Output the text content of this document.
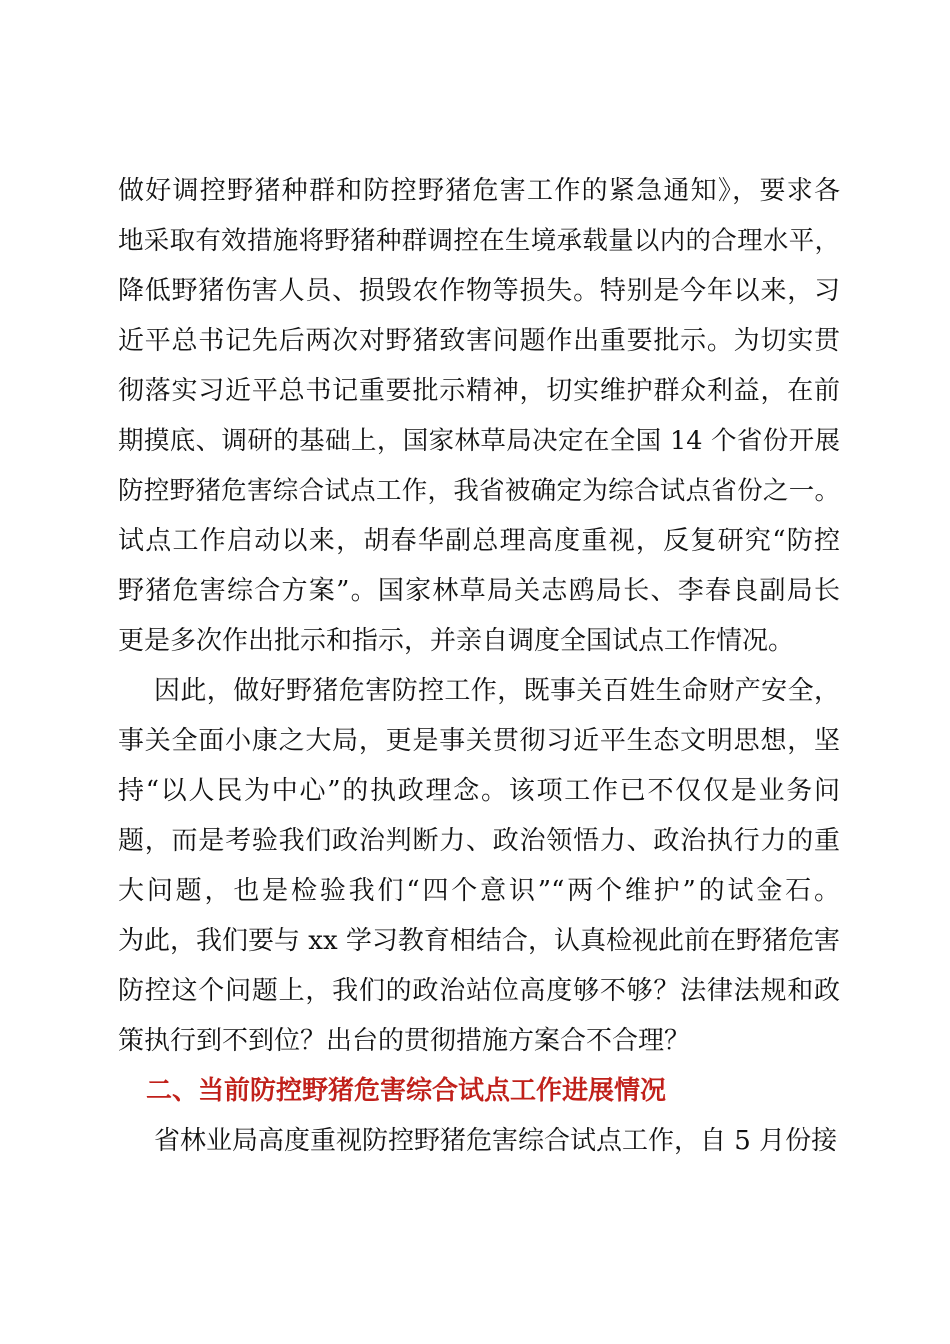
做好调控野猪种群和防控野猪危害工作的紧急通知》，要求各
地采取有效措施将野猪种群调控在生境承载量以内的合理水平，
降低野猪伤害人员、损毁农作物等损失。特别是今年以来，习
近平总书记先后两次对野猪致害问题作出重要批示。为切实贯
彻落实习近平总书记重要批示精神，切实维护群众利益，在前
期摸底、调研的基础上，国家林草局决定在全国 14 个省份开展
防控野猪危害综合试点工作，我省被确定为综合试点省份之一。
试点工作启动以来，胡春华副总理高度重视，反复研究“防控
野猪危害综合方案”。国家林草局关志鸥局长、李春良副局长
更是多次作出批示和指示，并亲自调度全国试点工作情况。
因此，做好野猪危害防控工作，既事关百姓生命财产安全，
事关全面小康之大局，更是事关贯彻习近平生态文明思想，坚
持“以人民为中心”的执政理念。该项工作已不仅仅是业务问
题，而是考验我们政治判断力、政治领悟力、政治执行力的重
大问题，也是检验我们“四个意识”“两个维护”的试金石。
为此，我们要与 xx 学习教育相结合，认真检视此前在野猪危害
防控这个问题上，我们的政治站位高度够不够？法律法规和政
策执行到不到位？出台的贯彻措施方案合不合理？
二、当前防控野猪危害综合试点工作进展情况
省林业局高度重视防控野猪危害综合试点工作，自 5 月份接
